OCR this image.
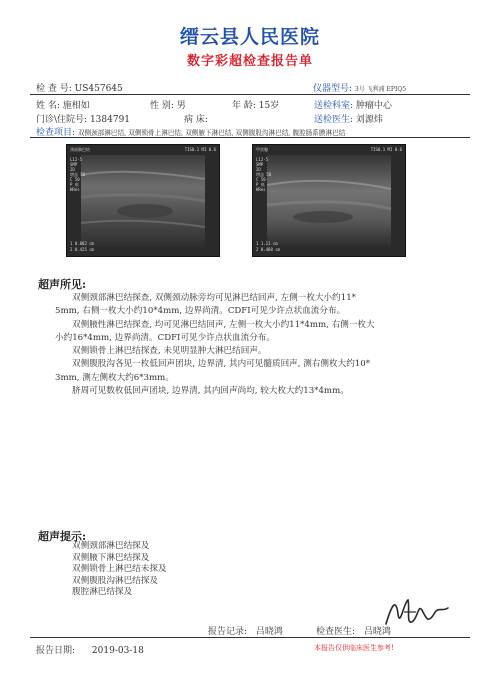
缙云县人民医院
数字彩超检查报告单
检 查 号: US457645	仪器型号: 3号 飞利浦 EPIQ5
姓 名: 施相如	性 别: 男	年 龄: 15岁	送检科室: 肿瘤中心
门诊\住院号: 1384791	病 床:	送检医生: 刘源炜
检查项目: 双侧颈部淋巴结, 双侧锁骨上淋巴结, 双侧腋下淋巴结, 双侧腹股沟淋巴结, 腹腔肠系膜淋巴结
颈部淋巴结	TIS0.1 MI 0.6
L12-5
SMP
2D
增益 56
C 50
P 低
HRes
1 0.882 cm
2 0.425 cm
甲状腺	TIS0.1 MI 0.6
L12-5
SMP
2D
增益 58
C 50
P 低
HRes
1 1.11 cm
2 0.488 cm
超声所见:
双侧颈部淋巴结探查, 双侧颈动脉旁均可见淋巴结回声, 左侧一枚大小约11*
5mm, 右侧一枚大小约10*4mm, 边界尚清。CDFI可见少许点状血流分布。
双侧腋性淋巴结探查, 均可见淋巴结回声, 左侧一枚大小约11*4mm, 右侧一枚大
小约16*4mm, 边界尚清。CDFI可见少许点状血流分布。
双侧锁骨上淋巴结探查, 未见明显肿大淋巴结回声。
双侧腹股沟各见一枚低回声团块, 边界清, 其内可见髓质回声, 测右侧枚大约10*
3mm, 测左侧枚大约6*3mm。
脐周可见数枚低回声团块, 边界清, 其内回声尚均, 较大枚大约13*4mm。
超声提示:
双侧颈部淋巴结探及
双侧腋下淋巴结探及
双侧锁骨上淋巴结未探及
双侧腹股沟淋巴结探及
腹腔淋巴结探及
报告记录: 吕晓鸿	检查医生: 吕晓鸿
报告日期: 2019-03-18	本报告仅供临床医生参考!
